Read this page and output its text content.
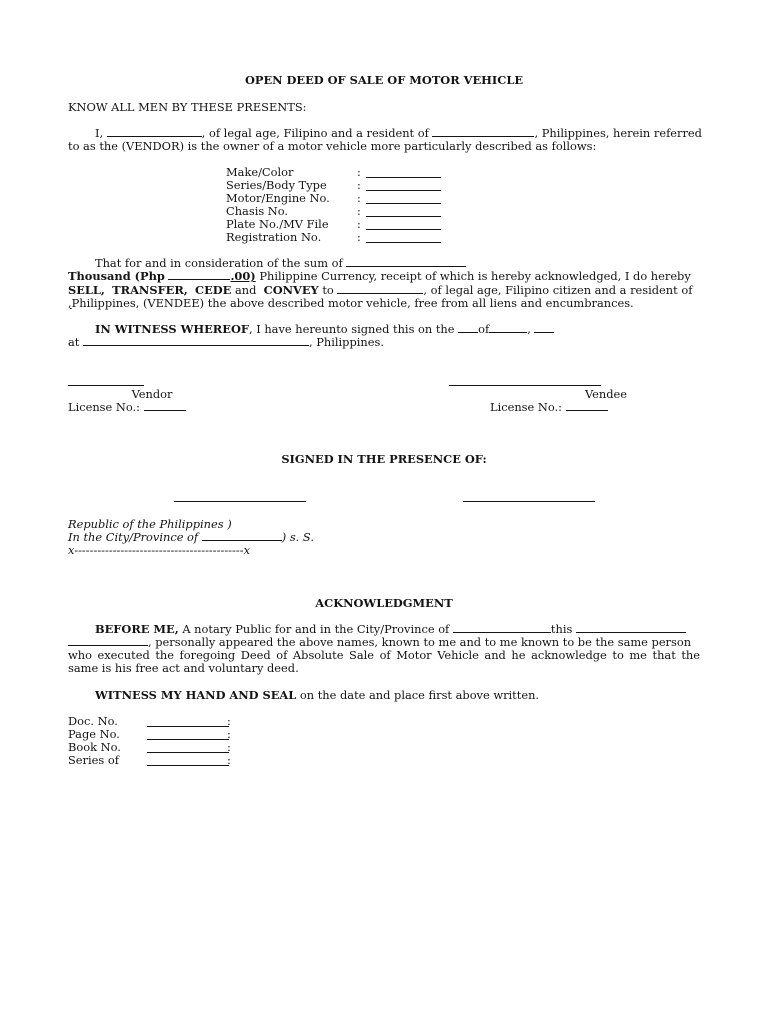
OPEN DEED OF SALE OF MOTOR VEHICLE
KNOW ALL MEN BY THESE PRESENTS:
I,	, of legal age, Filipino and a resident of	, Philippines, herein referred
to as the (VENDOR) is the owner of a motor vehicle more particularly described as follows:
Make/Color	:
Series/Body Type	:
Motor/Engine No. :
Chasis No.	:
Plate No./MV File :
Registration No.	:
That for and in consideration of the sum of
Thousand (Php	.00) Philippine Currency, receipt of which is hereby acknowledged, I do hereby
SELL, TRANSFER, CEDE and CONVEY to	, of legal age, Filipino citizen and a resident of
,Philippines, (VENDEE) the above described motor vehicle, free from all liens and encumbrances.
IN WITNESS WHEREOF, I have hereunto signed this on the of	,
at	, Philippines.
Vendor
License No.:
Vendee
License No.:
SIGNED IN THE PRESENCE OF:
Republic of the Philippines )
In the City/Province of	) s. S.
x--------------------------------------------x
ACKNOWLEDGMENT
BEFORE ME, A notary Public for and in the City/Province of	this
, personally appeared the above names, known to me and to me known to be the same person
who executed the foregoing Deed of Absolute Sale of Motor Vehicle and he acknowledge to me that the
same is his free act and voluntary deed.
WITNESS MY HAND AND SEAL on the date and place first above written.
Doc. No.	:
Page No.	:
Book No.	:
Series of	:
